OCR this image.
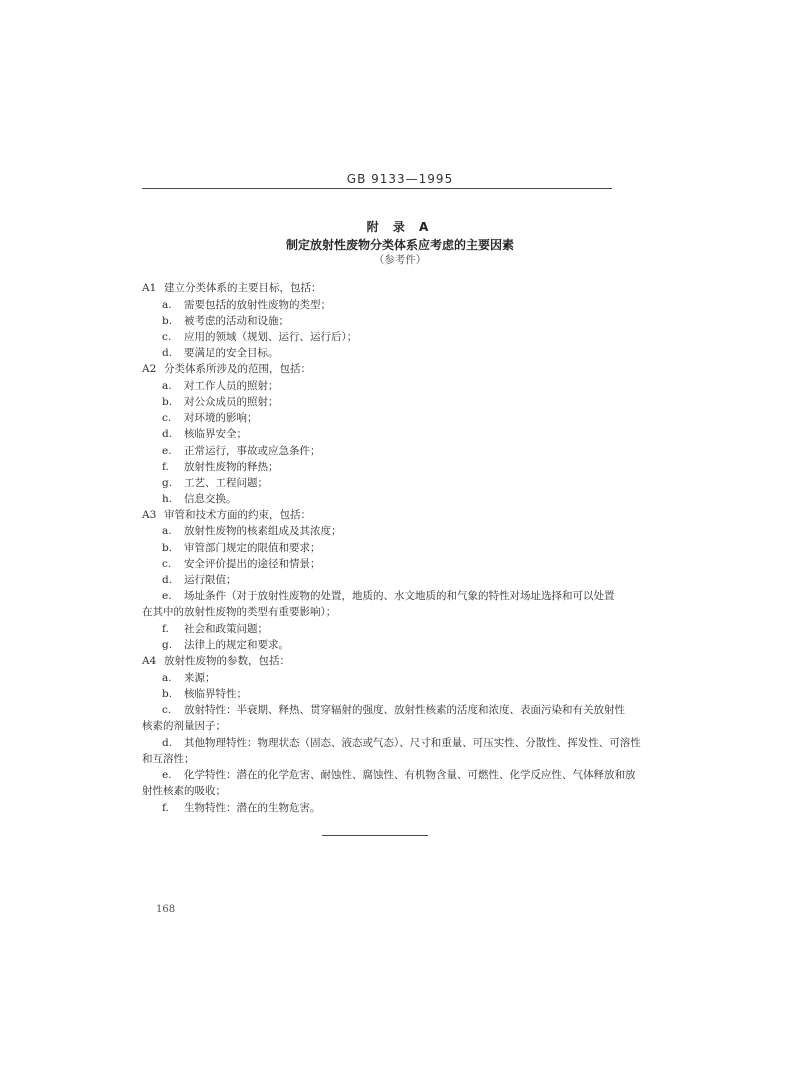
GB 9133—1995
附 录 A
制定放射性废物分类体系应考虑的主要因素
（参考件）
A1 建立分类体系的主要目标，包括：
a. 需要包括的放射性废物的类型；
b. 被考虑的活动和设施；
c. 应用的领域（规划、运行、运行后）；
d. 要满足的安全目标。
A2 分类体系所涉及的范围，包括：
a. 对工作人员的照射；
b. 对公众成员的照射；
c. 对环境的影响；
d. 核临界安全；
e. 正常运行，事故或应急条件；
f. 放射性废物的释热；
g. 工艺、工程问题；
h. 信息交换。
A3 审管和技术方面的约束，包括：
a. 放射性废物的核素组成及其浓度；
b. 审管部门规定的限值和要求；
c. 安全评价提出的途径和情景；
d. 运行限值；
e. 场址条件（对于放射性废物的处置，地质的、水文地质的和气象的特性对场址选择和可以处置
在其中的放射性废物的类型有重要影响）；
f. 社会和政策问题；
g. 法律上的规定和要求。
A4 放射性废物的参数，包括：
a. 来源；
b. 核临界特性；
c. 放射特性：半衰期、释热、贯穿辐射的强度、放射性核素的活度和浓度、表面污染和有关放射性
核素的剂量因子；
d. 其他物理特性：物理状态（固态、液态或气态）、尺寸和重量、可压实性、分散性、挥发性、可溶性
和互溶性；
e. 化学特性：潜在的化学危害、耐蚀性、腐蚀性、有机物含量、可燃性、化学反应性、气体释放和放
射性核素的吸收；
f. 生物特性：潜在的生物危害。
168
